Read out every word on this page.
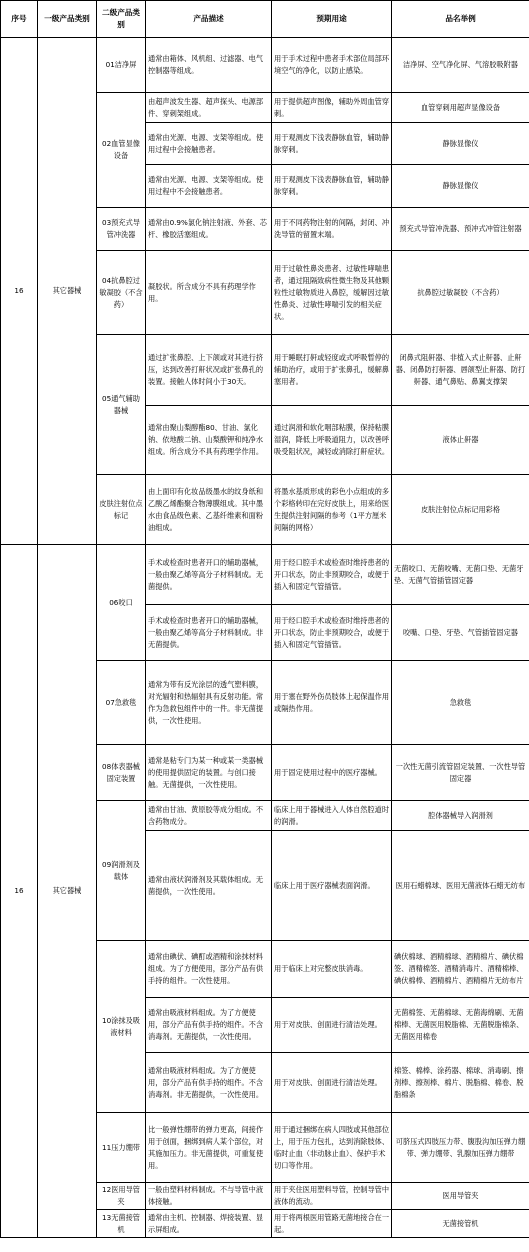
序号	一级产品类别	二级产品类别	产品描述	预期用途	品名举例
16	其它器械	01洁净屏	通常由箱体、风机组、过滤器、电气控制器等组成。	用于手术过程中患者手术部位局部环境空气的净化，以防止感染。	洁净屏、空气净化屏、气溶胶吸附器
		02血管显像设备	由超声波发生器、超声探头、电源部件、穿刺架组成。	用于提供超声图像，辅助外周血管穿刺。	血管穿刺用超声显像设备
			通常由光源、电源、支架等组成。使用过程中会接触患者。	用于观测皮下浅表静脉血管，辅助静脉穿刺。	静脉显像仪
			通常由光源、电源、支架等组成。使用过程中不会接触患者。	用于观测皮下浅表静脉血管，辅助静脉穿刺。	静脉显像仪
		03预充式导管冲洗器	通常由0.9%氯化钠注射液、外套、芯杆、橡胶活塞组成。	用于不同药物注射的间隔，封闭、冲洗导管的留置末端。	预充式导管冲洗器、预冲式冲管注射器
		04抗鼻腔过敏凝胶（不含药）	凝胶状。所含成分不具有药理学作用。	用于过敏性鼻炎患者、过敏性哮喘患者，通过阻隔致病性微生物及其他颗粒性过敏物质进入鼻腔，缓解因过敏性鼻炎、过敏性哮喘引发的相关症状。	抗鼻腔过敏凝胶（不含药）
		05通气辅助器械	通过扩张鼻腔、上下颌或对其进行挤压，达到改善打鼾状况或扩张鼻孔的装置。接触人体时间小于30天。	用于睡眠打鼾或轻度或式呼吸暂停的辅助治疗，或用于扩张鼻孔，缓解鼻塞用者。	闭鼻式阻鼾器、非植入式止鼾器、止鼾器、闭鼻防打鼾器、唇颌型止鼾器、防打鼾器、通气鼻贴、鼻翼支撑架
			通常由聚山梨醇酯80、甘油、氯化钠、依地酸二钠、山梨酸钾和纯净水组成。所含成分不具有药理学作用。	通过润滑和软化咽部粘膜，保持粘膜湿润，降低上呼吸道阻力，以改善呼吸受阻状况，减轻或消除打鼾症状。	液体止鼾器
		皮肤注射位点标记	由上面印有化妆品级墨水的纹身纸和乙酸乙烯酯聚合物薄膜组成。其中墨水由食品级色素、乙基纤维素和面粉油组成。	将墨水基质形成的彩色小点组成的多个彩格转印在完好皮肤上，用来给医生提供注射间隔的参考（1平方厘米间隔的网格）	皮肤注射位点标记用彩格
16	其它器械	06咬口	手术或检查时患者开口的辅助器械，一般由聚乙烯等高分子材料制成。无菌提供。	用于经口腔手术或检查时维持患者的开口状态，防止非预期咬合，或便于插入和固定气管插管。	无菌咬口、无菌咬嘴、无菌口垫、无菌牙垫、无菌气管插管固定器
			手术或检查时患者开口的辅助器械，一般由聚乙烯等高分子材料制成。非无菌提供。	用于经口腔手术或检查时维持患者的开口状态，防止非预期咬合，或便于插入和固定气管插管。	咬嘴、口垫、牙垫、气管插管固定器
		07急救毯	通常为带有反光涂层的透气塑料膜，对光辐射和热辐射具有反射功能。常作为急救包组件中的一件。非无菌提供，一次性使用。	用于塞在野外伤员肢体上起保温作用或隔热作用。	急救毯
		08体表器械固定装置	通常是粘专门为某一种或某一类器械的使用提供固定的装置。与创口接触。无菌提供，一次性使用。	用于固定使用过程中的医疗器械。	一次性无菌引流管固定装置、一次性导管固定器
		09润滑剂及载体	通常由甘油、黄原胶等成分组成。不含药物成分。	临床上用于器械进入人体自然腔道时的润滑。	腔体器械导入润滑剂
			通常由液状润滑剂及其载体组成。无菌提供，一次性使用。	临床上用于医疗器械表面润滑。	医用石蜡棉球、医用无菌液体石蜡无纺布
		10涂抹及吸液材料	通常由碘伏、碘酊或酒精和涂抹材料组成。为了方便使用，部分产品有供手持的组件。一次性使用。	用于临床上对完整皮肤消毒。	碘伏棉球、酒精棉球、酒精棉片、碘伏棉签、酒精棉签、酒精消毒片、酒精棉棒、碘伏棉棒、酒精棉片、酒精棉片无纺布片
			通常由吸液材料组成。为了方便使用，部分产品有供手持的组件。不含消毒剂。无菌提供，一次性使用。	用于对皮肤、创面进行清洁处理。	无菌棉签、无菌棉球、无菌海绵刷、无菌棉棒、无菌医用脱脂棉、无菌脱脂棉条、无菌医用棉卷
			通常由吸液材料组成。为了方便使用，部分产品有供手持的组件。不含消毒剂。非无菌提供，一次性使用。	用于对皮肤、创面进行清洁处理。	棉签、棉棒、涂药器、棉球、消毒刷、擦剂棒、擦剂棒、棉片、脱脂棉、棉卷、脱脂棉条
		11压力绷带	比一般弹性绷带的弹力更高，间接作用于创面，捆绑到病人某个部位，对其施加压力。非无菌提供，可重复使用。	用于通过捆绑在病人四肢或其他部位上，用于压力包扎，达到消除肢体、临时止血（非动脉止血）、保护手术切口等作用。	可脐压式四肢压力带、腹股沟加压弹力绷带、弹力绷带、乳腺加压弹力绷带
		12医用导管夹	一般由塑料材料制成。不与导管中液体接触。	用于夹住医用塑料导管，控制导管中液体的流动。	医用导管夹
		13无菌接管机	通常由主机、控制器、焊接装置、显示屏组成。	用于将两根医用管路无菌地接合在一起。	无菌接管机
